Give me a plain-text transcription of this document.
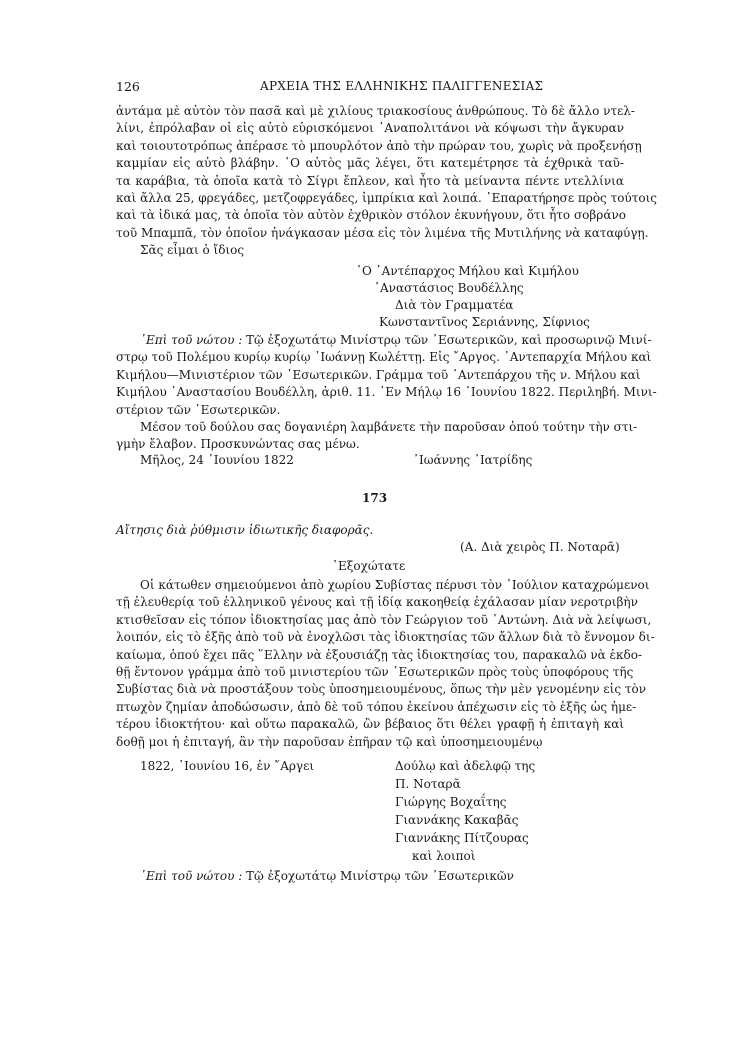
126	ΑΡΧΕΙΑ ΤΗΣ ΕΛΛΗΝΙΚΗΣ ΠΑΛΙΓΓΕΝΕΣΙΑΣ
ἀντάμα μὲ αὐτὸν τὸν πασᾶ καὶ μὲ χιλίους τριακοσίους ἀνθρώπους. Τὸ δὲ ἄλλο ντελ-
λίνι, ἐπρόλαβαν οἱ εἰς αὐτὸ εὑρισκόμενοι ᾿Αναπολιτάνοι νὰ κόψωσι τὴν ἄγκυραν
καὶ τοιουτοτρόπως ἀπέρασε τὸ μπουρλότον ἀπὸ τὴν πρώραν του, χωρὶς νὰ προξενήσῃ
καμμίαν εἰς αὐτὸ βλάβην. ῾Ο αὐτὸς μᾶς λέγει, ὅτι κατεμέτρησε τὰ ἐχθρικὰ ταῦ-
τα καράβια, τὰ ὁποῖα κατὰ τὸ Σίγρι ἔπλεον, καὶ ἦτο τὰ μείναντα πέντε ντελλίνια
καὶ ἄλλα 25, φρεγάδες, μετζοφρεγάδες, ἰμπρίκια καὶ λοιπά. ᾿Επαρατήρησε πρὸς τούτοις
καὶ τὰ ἰδικά μας, τὰ ὁποῖα τὸν αὐτὸν ἐχθρικὸν στόλον ἐκυνήγουν, ὅτι ἦτο σοβράνο
τοῦ Μπαμπᾶ, τὸν ὁποῖον ἠνάγκασαν μέσα εἰς τὸν λιμένα τῆς Μυτιλήνης νὰ καταφύγῃ.
Σᾶς εἶμαι ὁ ἴδιος
῾Ο ᾿Αντέπαρχος Μήλου καὶ Κιμήλου
᾿Αναστάσιος Βουδέλλης
Διὰ τὸν Γραμματέα
Κωνσταντῖνος Σεριάννης, Σίφνιος
᾿Επὶ τοῦ νώτου : Τῷ ἐξοχωτάτῳ Μινίστρῳ τῶν ᾿Εσωτερικῶν, καὶ προσωρινῷ Μινί-
στρῳ τοῦ Πολέμου κυρίῳ κυρίῳ ᾿Ιωάννῃ Κωλέττῃ. Εἰς ῎Αργος. ᾿Αντεπαρχία Μήλου καὶ
Κιμήλου—Μινιστέριον τῶν ᾿Εσωτερικῶν. Γράμμα τοῦ ᾿Αντεπάρχου τῆς ν. Μήλου καὶ
Κιμήλου ᾿Αναστασίου Βουδέλλη, ἀριθ. 11. ᾿Εν Μήλῳ 16 ᾿Ιουνίου 1822. Περιληβή. Μινι-
στέριον τῶν ᾿Εσωτερικῶν.
Μέσον τοῦ δούλου σας δογανιέρη λαμβάνετε τὴν παροῦσαν ὁπού τούτην τὴν στι-
γμὴν ἔλαβον. Προσκυνώντας σας μένω.
Μῆλος, 24 ᾿Ιουνίου 1822	᾿Ιωάννης ᾿Ιατρίδης
173
Αἴτησις διὰ ῥύθμισιν ἰδιωτικῆς διαφορᾶς.
(Α. Διὰ χειρὸς Π. Νοταρᾶ)
᾿Εξοχώτατε
Οἱ κάτωθεν σημειούμενοι ἀπὸ χωρίου Συβίστας πέρυσι τὸν ᾿Ιούλιον καταχρώμενοι
τῇ ἐλευθερίᾳ τοῦ ἑλληνικοῦ γένους καὶ τῇ ἰδίᾳ κακοηθείᾳ ἐχάλασαν μίαν νεροτριβὴν
κτισθεῖσαν εἰς τόπον ἰδιοκτησίας μας ἀπὸ τὸν Γεώργιον τοῦ ᾿Αντώνη. Διὰ νὰ λείψωσι,
λοιπόν, εἰς τὸ ἑξῆς ἀπὸ τοῦ νὰ ἐνοχλῶσι τὰς ἰδιοκτησίας τῶν ἄλλων διὰ τὸ ἔννομον δι-
καίωμα, ὁπού ἔχει πᾶς ῞Ελλην νὰ ἐξουσιάζῃ τὰς ἰδιοκτησίας του, παρακαλῶ νὰ ἐκδο-
θῇ ἔντονον γράμμα ἀπὸ τοῦ μινιστερίου τῶν ᾿Εσωτερικῶν πρὸς τοὺς ὑποφόρους τῆς
Συβίστας διὰ νὰ προστάξουν τοὺς ὑποσημειουμένους, ὅπως τὴν μὲν γενομένην εἰς τὸν
πτωχὸν ζημίαν ἀποδώσωσιν, ἀπὸ δὲ τοῦ τόπου ἐκείνου ἀπέχωσιν εἰς τὸ ἑξῆς ὡς ἡμε-
τέρου ἰδιοκτήτου· καὶ οὕτω παρακαλῶ, ὢν βέβαιος ὅτι θέλει γραφῇ ἡ ἐπιταγὴ καὶ
δοθῇ μοι ἡ ἐπιταγή, ἂν τὴν παροῦσαν ἐπῆραν τῷ καὶ ὑποσημειουμένῳ
1822, ᾿Ιουνίου 16, ἐν ῎Αργει	Δούλῳ καὶ ἀδελφῷ της
Π. Νοταρᾶ
Γιώργης Βοχαΐτης
Γιαννάκης Κακαβᾶς
Γιαννάκης Πίτζουρας
καὶ λοιποὶ
᾿Επὶ τοῦ νώτου : Τῷ ἐξοχωτάτῳ Μινίστρῳ τῶν ᾿Εσωτερικῶν
